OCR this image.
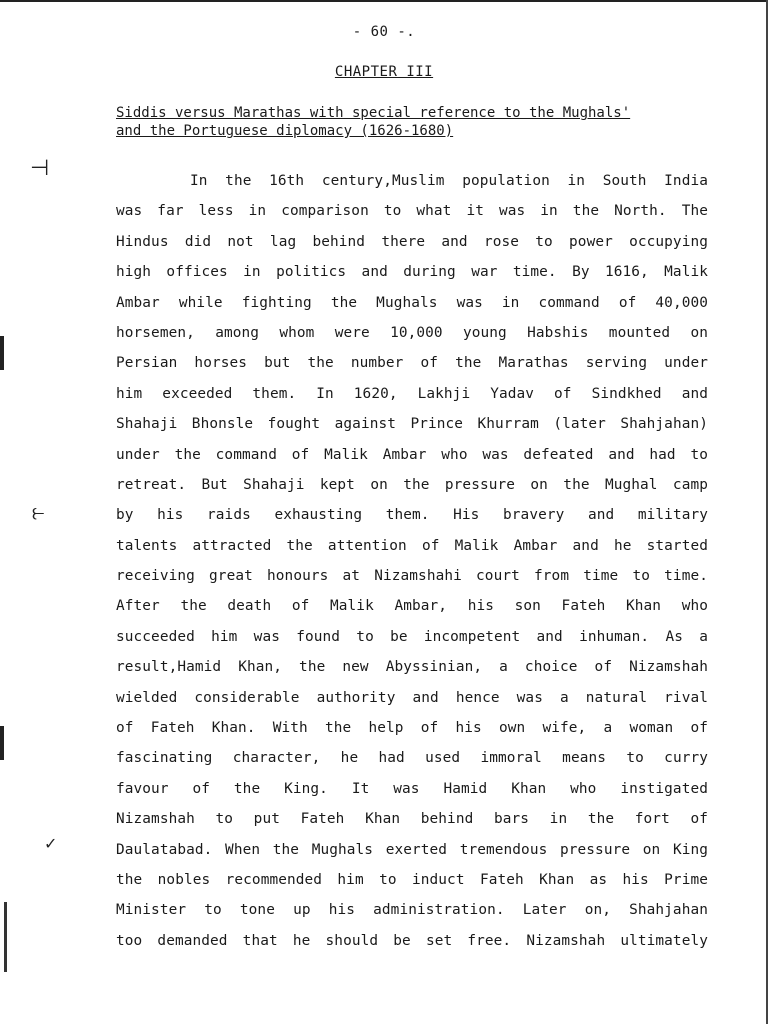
⊣
⥼
✓
- 60 -.
CHAPTER III
Siddis versus Marathas with special reference to the Mughals'
and the Portuguese diplomacy (1626-1680)
In the 16th century,Muslim population in South India
was far less in comparison to what it was in the North. The
Hindus did not lag behind there and rose to power occupying
high offices in politics and during war time. By 1616, Malik
Ambar while fighting the Mughals was in command of 40,000
horsemen, among whom were 10,000 young Habshis mounted on
Persian horses but the number of the Marathas serving under
him exceeded them. In 1620, Lakhji Yadav of Sindkhed and
Shahaji Bhonsle fought against Prince Khurram (later Shahjahan)
under the command of Malik Ambar who was defeated and had to
retreat. But Shahaji kept on the pressure on the Mughal camp
by his raids exhausting them. His bravery and military
talents attracted the attention of Malik Ambar and he started
receiving great honours at Nizamshahi court from time to time.
After the death of Malik Ambar, his son Fateh Khan who
succeeded him was found to be incompetent and inhuman. As a
result,Hamid Khan, the new Abyssinian, a choice of Nizamshah
wielded considerable authority and hence was a natural rival
of Fateh Khan. With the help of his own wife, a woman of
fascinating character, he had used immoral means to curry
favour of the King. It was Hamid Khan who instigated
Nizamshah to put Fateh Khan behind bars in the fort of
Daulatabad. When the Mughals exerted tremendous pressure on King
the nobles recommended him to induct Fateh Khan as his Prime
Minister to tone up his administration. Later on, Shahjahan
too demanded that he should be set free. Nizamshah ultimately
